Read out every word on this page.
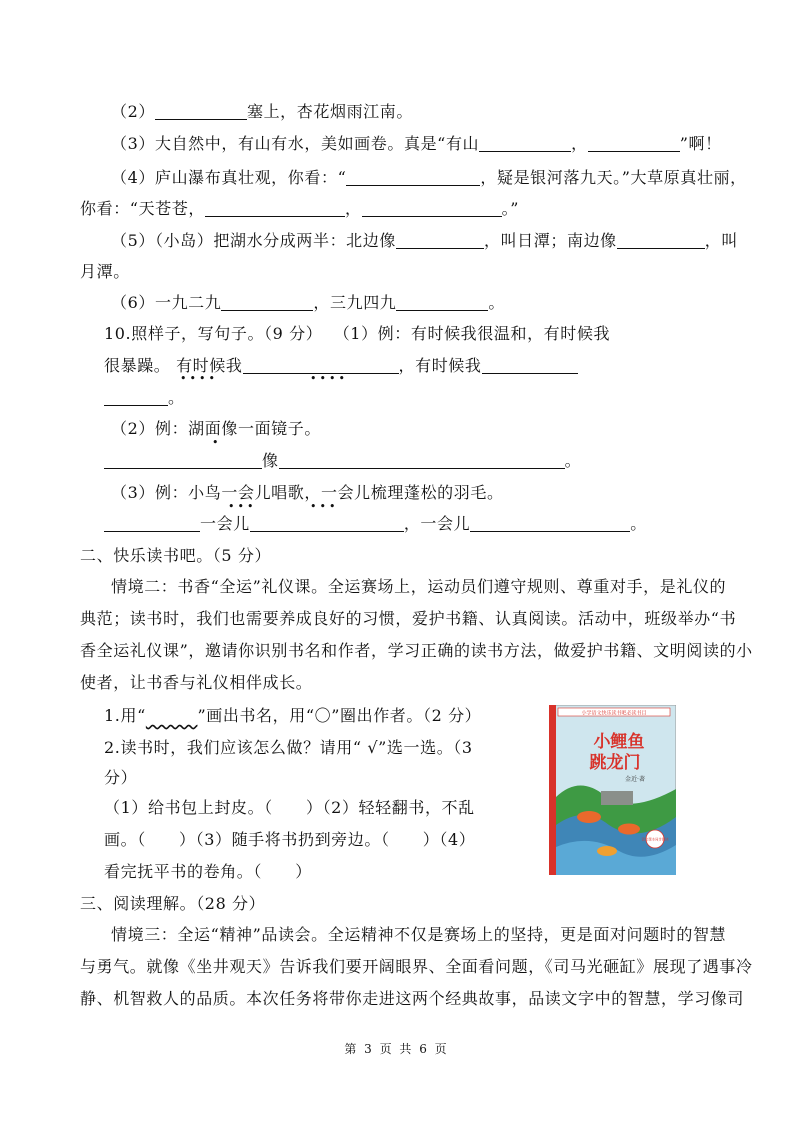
（2）	塞上，杏花烟雨江南。
（3）大自然中，有山有水，美如画卷。真是“有山	，	”啊！
（4）庐山瀑布真壮观，你看：“	，疑是银河落九天。”大草原真壮丽，
你看：“天苍苍，	，	。”
（5）（小岛）把湖水分成两半：北边像	，叫日潭；南边像	，叫
月潭。
（6）一九二九	，三九四九	。
10.照样子，写句子。（9 分） （1）例：有时候我很温和，有时候我
很暴躁。 有时候我	，有时候我
••••	••••
。
（2）例：湖面像一面镜子。
•
像	。
（3）例：小鸟一会儿唱歌，一会儿梳理蓬松的羽毛。
•••	•••
一会儿	，一会儿	。
二、快乐读书吧。（5 分）
情境二：书香“全运”礼仪课。全运赛场上，运动员们遵守规则、尊重对手，是礼仪的
典范；读书时，我们也需要养成良好的习惯，爱护书籍、认真阅读。活动中，班级举办“书
香全运礼仪课”，邀请你识别书名和作者，学习正确的读书方法，做爱护书籍、文明阅读的小
使者，让书香与礼仪相伴成长。
1.用“	”画出书名，用“〇”圈出作者。（2 分）
2.读书时，我们应该怎么做？请用“ √”选一选。（3
分）
（1）给书包上封皮。（　　）（2）轻轻翻书，不乱
画。（　　）（3）随手将书扔到旁边。（　　）（4）
看完抚平书的卷角。（　　）
小学语文快乐读书吧必读书目
小鲤鱼
跳龙门
金近·著
语文课本同步阅读
三、阅读理解。（28 分）
情境三：全运“精神”品读会。全运精神不仅是赛场上的坚持，更是面对问题时的智慧
与勇气。就像《坐井观天》告诉我们要开阔眼界、全面看问题，《司马光砸缸》展现了遇事冷
静、机智救人的品质。本次任务将带你走进这两个经典故事，品读文字中的智慧，学习像司
第 3 页 共 6 页
